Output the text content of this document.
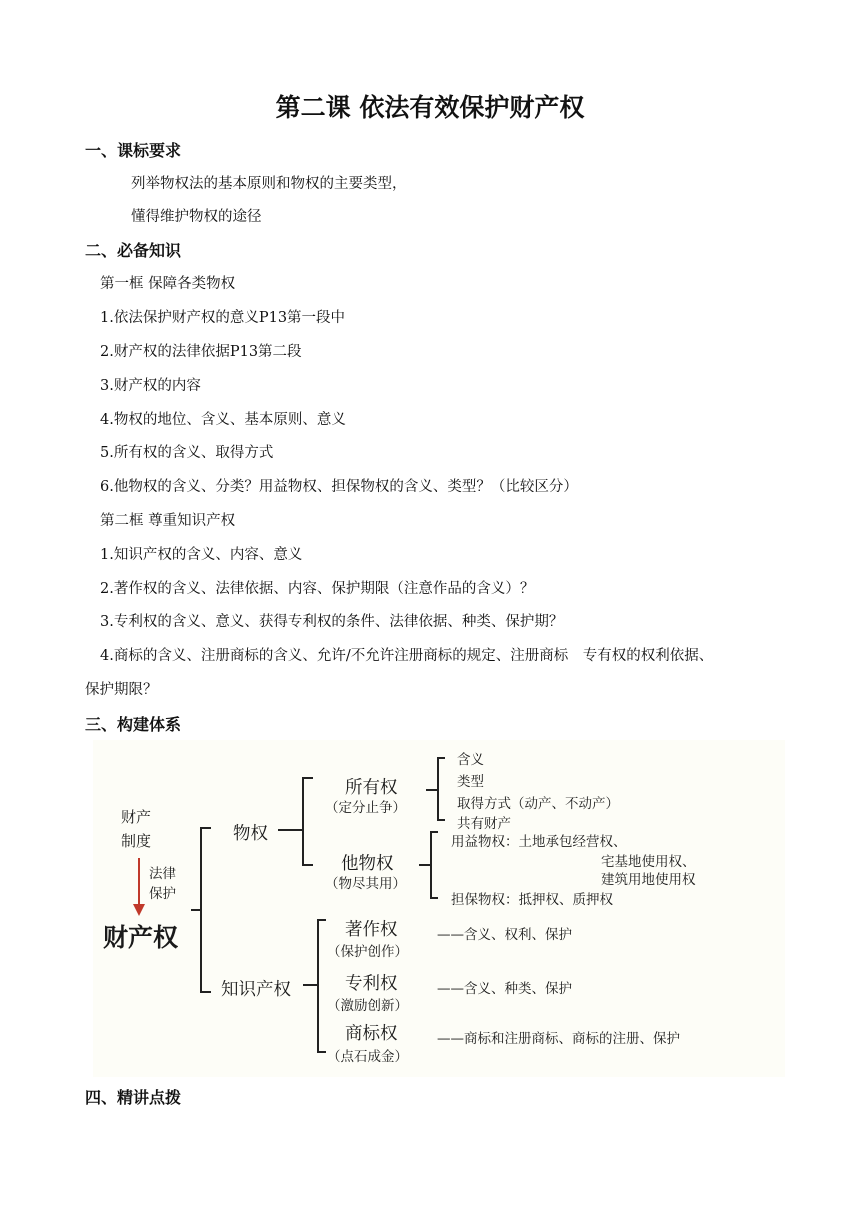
第二课 依法有效保护财产权
一、课标要求
列举物权法的基本原则和物权的主要类型，
懂得维护物权的途径
二、必备知识
第一框 保障各类物权
1.依法保护财产权的意义P13第一段中
2.财产权的法律依据P13第二段
3.财产权的内容
4.物权的地位、含义、基本原则、意义
5.所有权的含义、取得方式
6.他物权的含义、分类？用益物权、担保物权的含义、类型？（比较区分）
第二框 尊重知识产权
1.知识产权的含义、内容、意义
2.著作权的含义、法律依据、内容、保护期限（注意作品的含义）？
3.专利权的含义、意义、获得专利权的条件、法律依据、种类、保护期？
4.商标的含义、注册商标的含义、允许/不允许注册商标的规定、注册商标　专有权的权利依据、
保护期限？
三、构建体系
财产
制度
法律
保护
财产权
物权
所有权
（定分止争）
含义
类型
取得方式（动产、不动产）
共有财产
他物权
（物尽其用）
用益物权：土地承包经营权、
宅基地使用权、
建筑用地使用权
担保物权：抵押权、质押权
知识产权
著作权
（保护创作）
——含义、权利、保护
专利权
（激励创新）
——含义、种类、保护
商标权
（点石成金）
——商标和注册商标、商标的注册、保护
四、精讲点拨
